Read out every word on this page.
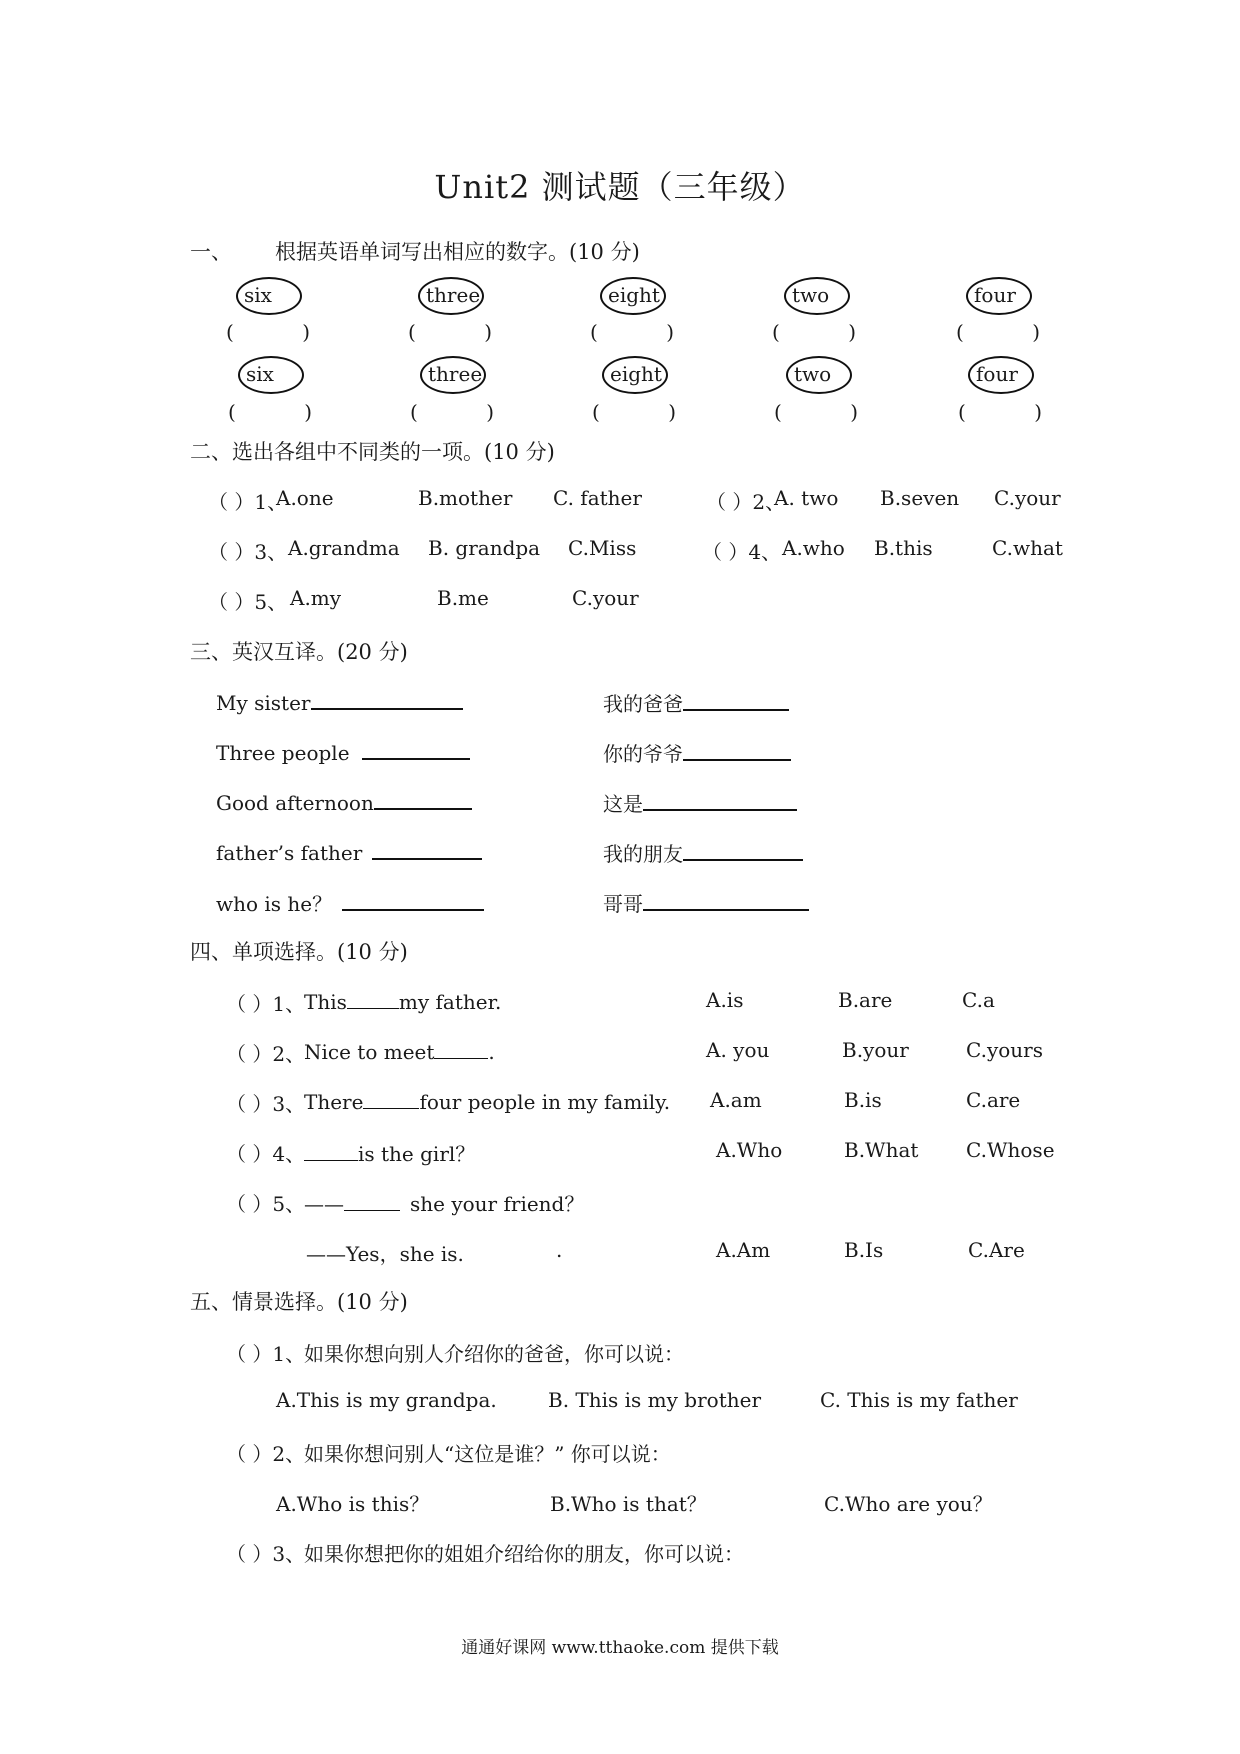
Unit2 测试题（三年级）
一、 根据英语单词写出相应的数字。(10 分)
six	three	eight	two	four
(	)	(	)	(	)	(	)	(	)
six	three	eight	two	four
(	)	(	)	(	)	(	)	(	)
二、选出各组中不同类的一项。(10 分)
（ ）1、
A.one	B.mother C. father	（ ）2、
A. two B.seven C.your
（ ）3、 A.grandma B. grandpa C.Miss	（ ）4、 A.who B.this	C.what
（ ）5、 A.my	B.me	C.your
三、英汉互译。(20 分)
My sister
Three people
Good afternoon
father’s father
who is he？
我的爸爸
你的爷爷
这是
我的朋友
哥哥
四、单项选择。(10 分)
（ ）1、
This	my father.	A.is	B.are	C.a
（ ）2、
Nice to meet	.	A. you	B.your	C.yours
（ ）3、
There	four people in my family. A.am	B.is	C.are
（ ）4、	is the girl？	A.Who	B.What C.Whose
（ ）5、
——	she your friend？
——Yes，she is.	.	A.Am	B.Is	C.Are
五、情景选择。(10 分)
（ ）1、
如果你想向别人介绍你的爸爸，你可以说：
A.This is my grandpa.	B. This is my brother	C. This is my father
（ ）2、
如果你想问别人“这位是谁？” 你可以说：
A.Who is this？	B.Who is that？	C.Who are you？
（ ）3、
如果你想把你的姐姐介绍给你的朋友，你可以说：
通通好课网 www.tthaoke.com 提供下载
